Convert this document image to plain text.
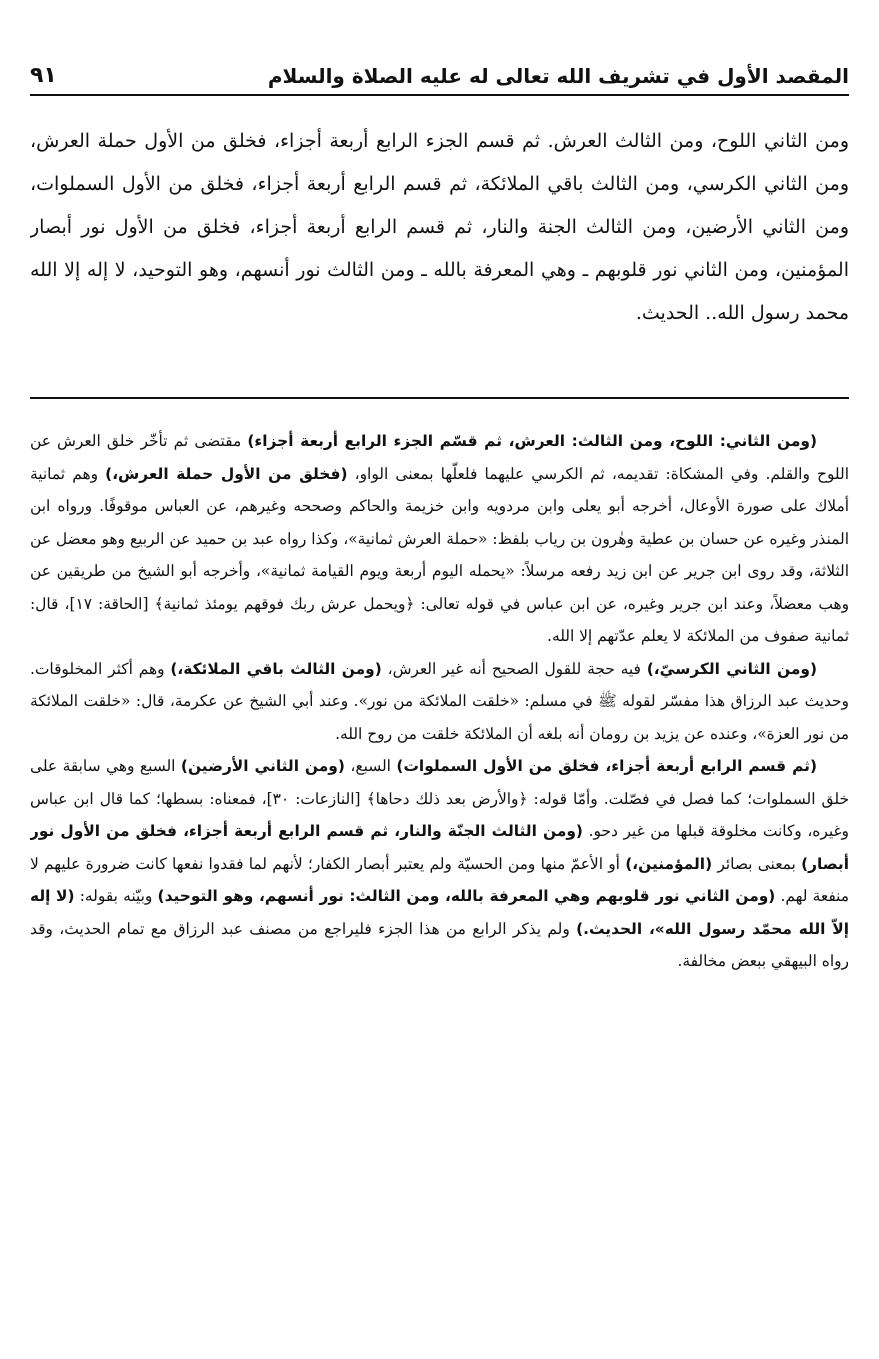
المقصد الأول في تشريف الله تعالى له عليه الصلاة والسلام
٩١
ومن الثاني اللوح، ومن الثالث العرش. ثم قسم الجزء الرابع أربعة أجزاء، فخلق من الأول حملة العرش، ومن الثاني الكرسي، ومن الثالث باقي الملائكة، ثم قسم الرابع أربعة أجزاء، فخلق من الأول السملوات، ومن الثاني الأرضين، ومن الثالث الجنة والنار، ثم قسم الرابع أربعة أجزاء، فخلق من الأول نور أبصار المؤمنين، ومن الثاني نور قلوبهم ـ وهي المعرفة بالله ـ ومن الثالث نور أنسهم، وهو التوحيد، لا إله إلا الله محمد رسول الله.. الحديث.

(ومن الثاني: اللوح، ومن الثالث: العرش، ثم قسّم الجزء الرابع أربعة أجزاء) مقتضى ثم تأخّر خلق العرش عن اللوح والقلم. وفي المشكاة: تقديمه، ثم الكرسي عليهما فلعلّها بمعنى الواو، (فخلق من الأول حملة العرش،) وهم ثمانية أملاك على صورة الأوعال، أخرجه أبو يعلى وابن مردويه وابن خزيمة والحاكم وصححه وغيرهم، عن العباس موقوفًا. ورواه ابن المنذر وغيره عن حسان بن عطية وهٰرون بن رياب بلفظ: «حملة العرش ثمانية»، وكذا رواه عبد بن حميد عن الربيع وهو معضل عن الثلاثة، وقد روى ابن جرير عن ابن زيد رفعه مرسلاً: «يحمله اليوم أربعة ويوم القيامة ثمانية»، وأخرجه أبو الشيخ من طريقين عن وهب معضلاً، وعند ابن جرير وغيره، عن ابن عباس في قوله تعالى: ﴿ويحمل عرش ربك فوقهم يومئذ ثمانية﴾ [الحاقة: ١٧]، قال: ثمانية صفوف من الملائكة لا يعلم عدّتهم إلا الله.

(ومن الثاني الكرسيّ،) فيه حجة للقول الصحيح أنه غير العرش، (ومن الثالث باقي الملائكة،) وهم أكثر المخلوقات. وحديث عبد الرزاق هذا مفسّر لقوله ﷺ في مسلم: «خلقت الملائكة من نور». وعند أبي الشيخ عن عكرمة، قال: «خلقت الملائكة من نور العزة»، وعنده عن يزيد بن رومان أنه بلغه أن الملائكة خلقت من روح الله.

(ثم قسم الرابع أربعة أجزاء، فخلق من الأول السملوات) السبع، (ومن الثاني الأرضين) السبع وهي سابقة على خلق السملوات؛ كما فصل في فصّلت. وأمّا قوله: ﴿والأرض بعد ذلك دحاها﴾ [النازعات: ٣٠]، فمعناه: بسطها؛ كما قال ابن عباس وغيره، وكانت مخلوقة قبلها من غير دحو. (ومن الثالث الجنّة والنار، ثم قسم الرابع أربعة أجزاء، فخلق من الأول نور أبصار) بمعنى بصائر (المؤمنين،) أو الأعمّ منها ومن الحسيّة ولم يعتبر أبصار الكفار؛ لأنهم لما فقدوا نفعها كانت ضرورة عليهم لا منفعة لهم. (ومن الثاني نور قلوبهم وهي المعرفة بالله، ومن الثالث: نور أنسهم، وهو التوحيد) وبيّنه بقوله: (لا إله إلاّ الله محمّد رسول الله»، الحديث.) ولم يذكر الرابع من هذا الجزء فليراجع من مصنف عبد الرزاق مع تمام الحديث، وقد رواه البيهقي ببعض مخالفة.
